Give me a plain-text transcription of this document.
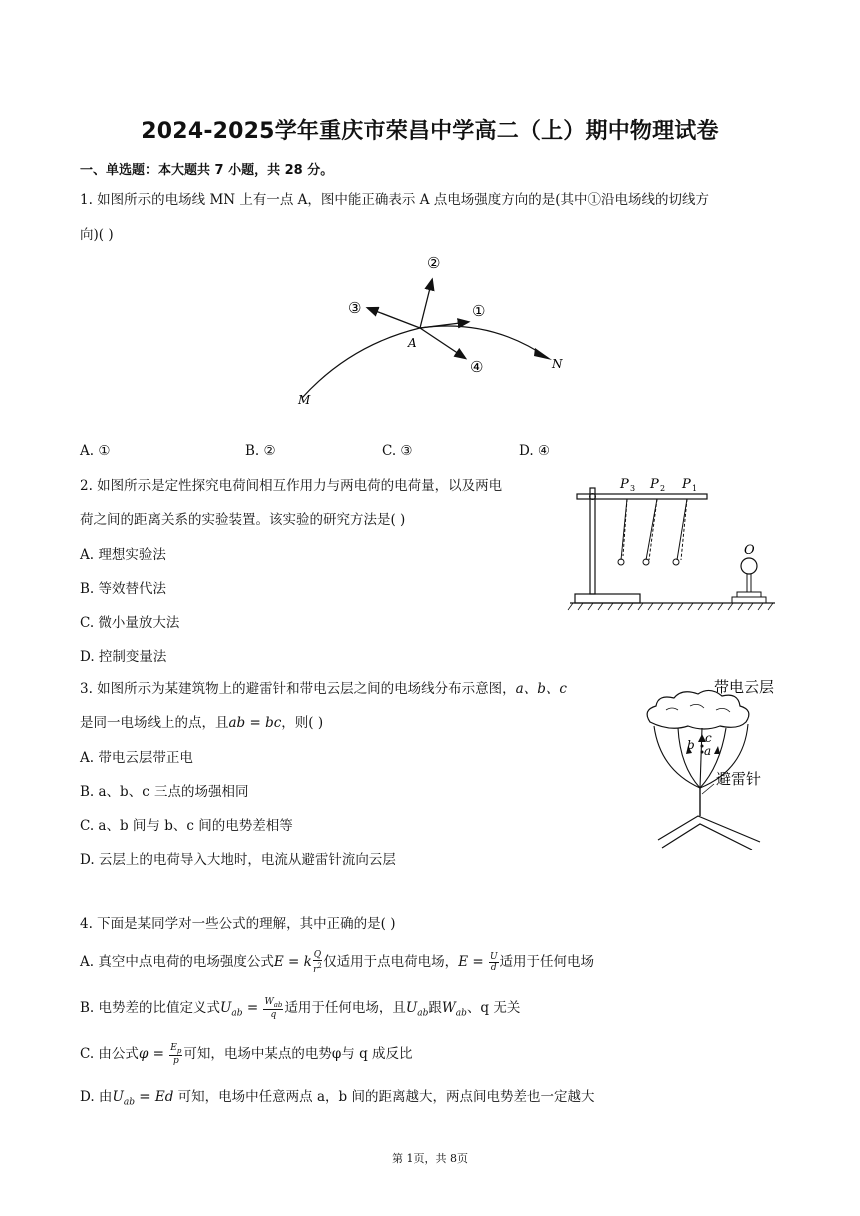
2024-2025学年重庆市荣昌中学高二（上）期中物理试卷
一、单选题：本大题共 7 小题，共 28 分。
1. 如图所示的电场线 MN 上有一点 A，图中能正确表示 A 点电场强度方向的是(其中①沿电场线的切线方
向)( )
②
③	①
④
A
M
N
A. ①	B. ②	C. ③	D. ④
2. 如图所示是定性探究电荷间相互作用力与两电荷的电荷量，以及两电
荷之间的距离关系的实验装置。该实验的研究方法是( )
A. 理想实验法
B. 等效替代法
C. 微小量放大法
D. 控制变量法
P 3 P 2 P 1
O
3. 如图所示为某建筑物上的避雷针和带电云层之间的电场线分布示意图，a、b、c
是同一电场线上的点，且ab = bc，则( )
A. 带电云层带正电
B. a、b、c 三点的场强相同
C. a、b 间与 b、c 间的电势差相等
D. 云层上的电荷导入大地时，电流从避雷针流向云层
带电云层
c
b a
避雷针
4. 下面是某同学对一些公式的理解，其中正确的是( )
A. 真空中点电荷的电场强度公式E = k $\frac{Q}{r^2}$ 仅适用于点电荷电场，$E = \frac{U}{d}$ 适用于任何电场
B. 电势差的比值定义式$U_{ab} = \frac{W_{ab}}{q}$ 适用于任何电场，且$U_{ab}$跟$W_{ab}$、q 无关
C. 由公式$\varphi = \frac{E_p}{p}$ 可知，电场中某点的电势φ与 q 成反比
D. 由$U_{ab} = Ed$ 可知，电场中任意两点 a，b 间的距离越大，两点间电势差也一定越大
第 1页，共 8页
